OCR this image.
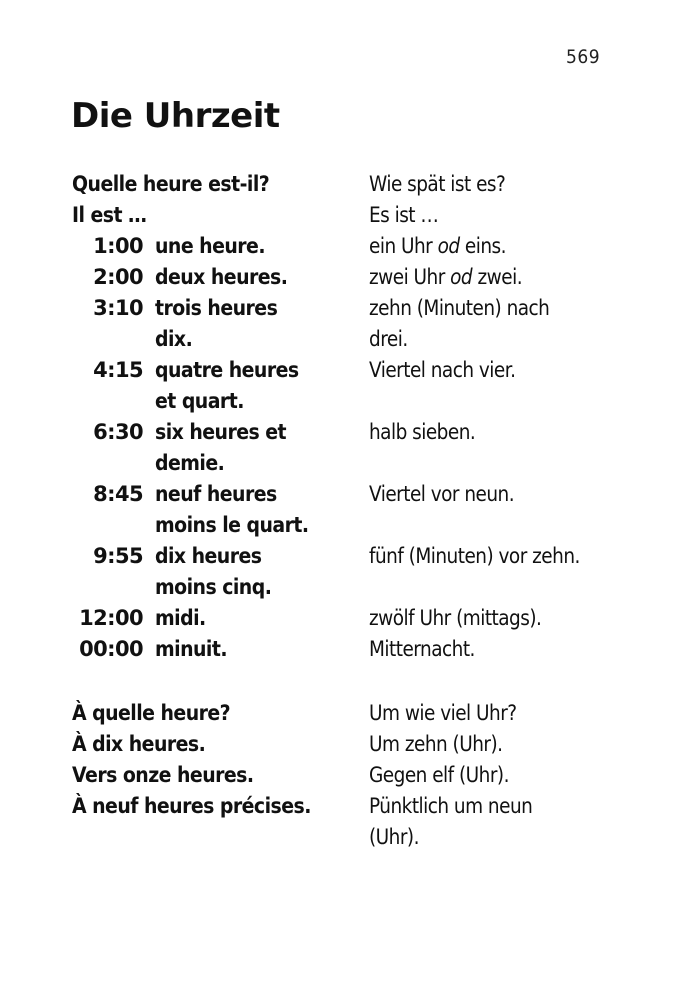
569
Die Uhrzeit
Quelle heure est-il?	Wie spät ist es?
Il est …	Es ist …
1:00 une heure.	ein Uhr od eins.
2:00 deux heures.	zwei Uhr od zwei.
3:10 trois heures	zehn (Minuten) nach
dix.	drei.
4:15 quatre heures	Viertel nach vier.
et quart.
6:30 six heures et	halb sieben.
demie.
8:45 neuf heures	Viertel vor neun.
moins le quart.
9:55 dix heures	fünf (Minuten) vor zehn.
moins cinq.
12:00 midi.	zwölf Uhr (mittags).
00:00 minuit.	Mitternacht.
À quelle heure?	Um wie viel Uhr?
À dix heures.	Um zehn (Uhr).
Vers onze heures.	Gegen elf (Uhr).
À neuf heures précises.	Pünktlich um neun
(Uhr).
